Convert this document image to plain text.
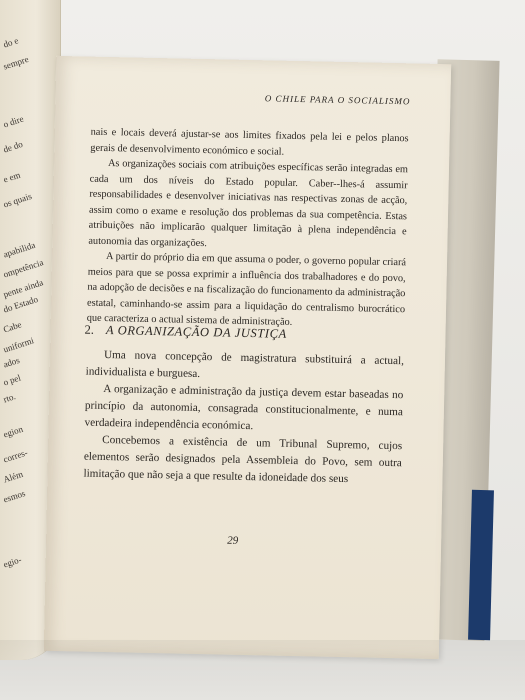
do e
sempre
o dire
de do
e em
os quais
apabilida
ompetência
pente ainda
do Estado
Cabe
uniformi
ados
o pel
rto.
egion
corres-
Além
esmos
egio-
O CHILE PARA O SOCIALISMO

nais e locais deverá ajustar-se aos limites fixados pela lei e pelos planos gerais de desenvolvimento económico e social.

As organizações sociais com atribuições específicas serão integradas em cada um dos níveis do Estado popular. Caber--lhes-á assumir responsabilidades e desenvolver iniciativas nas respectivas zonas de acção, assim como o exame e resolução dos problemas da sua competência. Estas atribuições não implicarão qualquer limitação à plena independência e autonomia das organizações.

A partir do próprio dia em que assuma o poder, o governo popular criará meios para que se possa exprimir a influência dos trabalhadores e do povo, na adopção de decisões e na fiscalização do funcionamento da administração estatal, caminhando-se assim para a liquidação do centralismo burocrático que caracteriza o actual sistema de administração.

2. A ORGANIZAÇÃO DA JUSTIÇA

Uma nova concepção de magistratura substituirá a actual, individualista e burguesa.

A organização e administração da justiça devem estar baseadas no princípio da autonomia, consagrada constitucionalmente, e numa verdadeira independência económica.

Concebemos a existência de um Tribunal Supremo, cujos elementos serão designados pela Assembleia do Povo, sem outra limitação que não seja a que resulte da idoneidade dos seus

29
